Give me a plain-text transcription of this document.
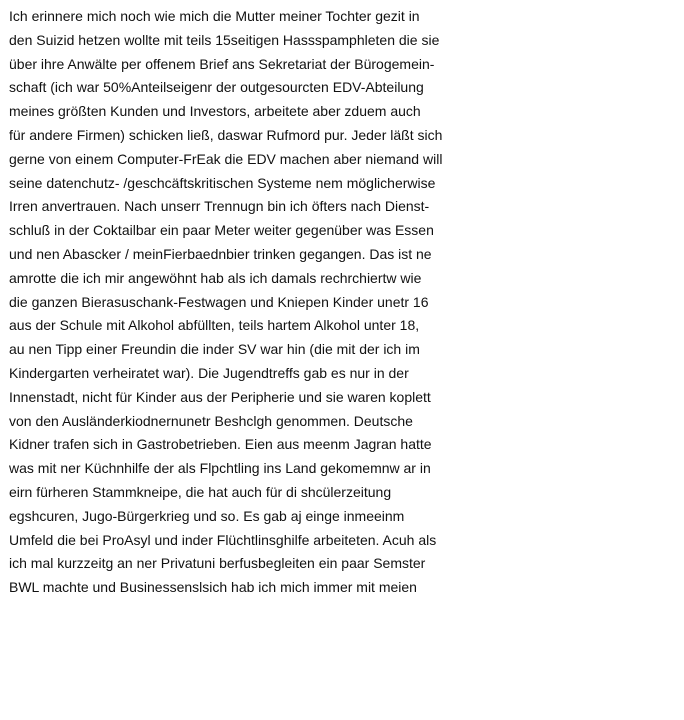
Ich erinnere mich noch wie mich die Mutter meiner Tochter gezit in

den Suizid hetzen wollte mit teils 15seitigen Hassspamphleten die sie

über ihre Anwälte per offenem Brief ans Sekretariat der Bürogemein-

schaft (ich war 50%Anteilseigenr der outgesourcten EDV-Abteilung

meines größten Kunden und Investors, arbeitete aber zduem auch

für andere Firmen) schicken ließ, daswar Rufmord pur. Jeder läßt sich

gerne von einem Computer-FrEak die EDV machen aber niemand will

seine datenchutz- /geschcäftskritischen Systeme nem möglicherwise

Irren anvertrauen. Nach unserr Trennugn bin ich öfters nach Dienst-

schluß in der Coktailbar ein paar Meter weiter gegenüber was Essen

und nen Abascker / meinFierbaednbier trinken gegangen. Das ist ne

amrotte die ich mir angewöhnt hab als ich damals rechrchiertw wie

die ganzen Bierasuschank-Festwagen und Kniepen Kinder unetr 16

aus der Schule mit Alkohol abfüllten, teils hartem Alkohol unter 18,

au nen Tipp einer Freundin die inder SV war hin (die mit der ich im

Kindergarten verheiratet war). Die Jugendtreffs gab es nur in der

Innenstadt, nicht für Kinder aus der Peripherie und sie waren koplett

von den Ausländerkiodnernunetr Beshclgh genommen. Deutsche

Kidner trafen sich in Gastrobetrieben. Eien aus meenm Jagran hatte

was mit ner Küchnhilfe der als Flpchtling ins Land gekomemnw ar in

eirn fürheren Stammkneipe, die hat auch für di shcülerzeitung

egshcuren, Jugo-Bürgerkrieg und so. Es gab aj einge inmeeinm

Umfeld die bei ProAsyl und inder Flüchtlinsghilfe arbeiteten. Acuh als

ich mal kurzzeitg an ner Privatuni berfusbegleiten ein paar Semster

BWL machte und Businessenslsich hab ich mich immer mit meien
